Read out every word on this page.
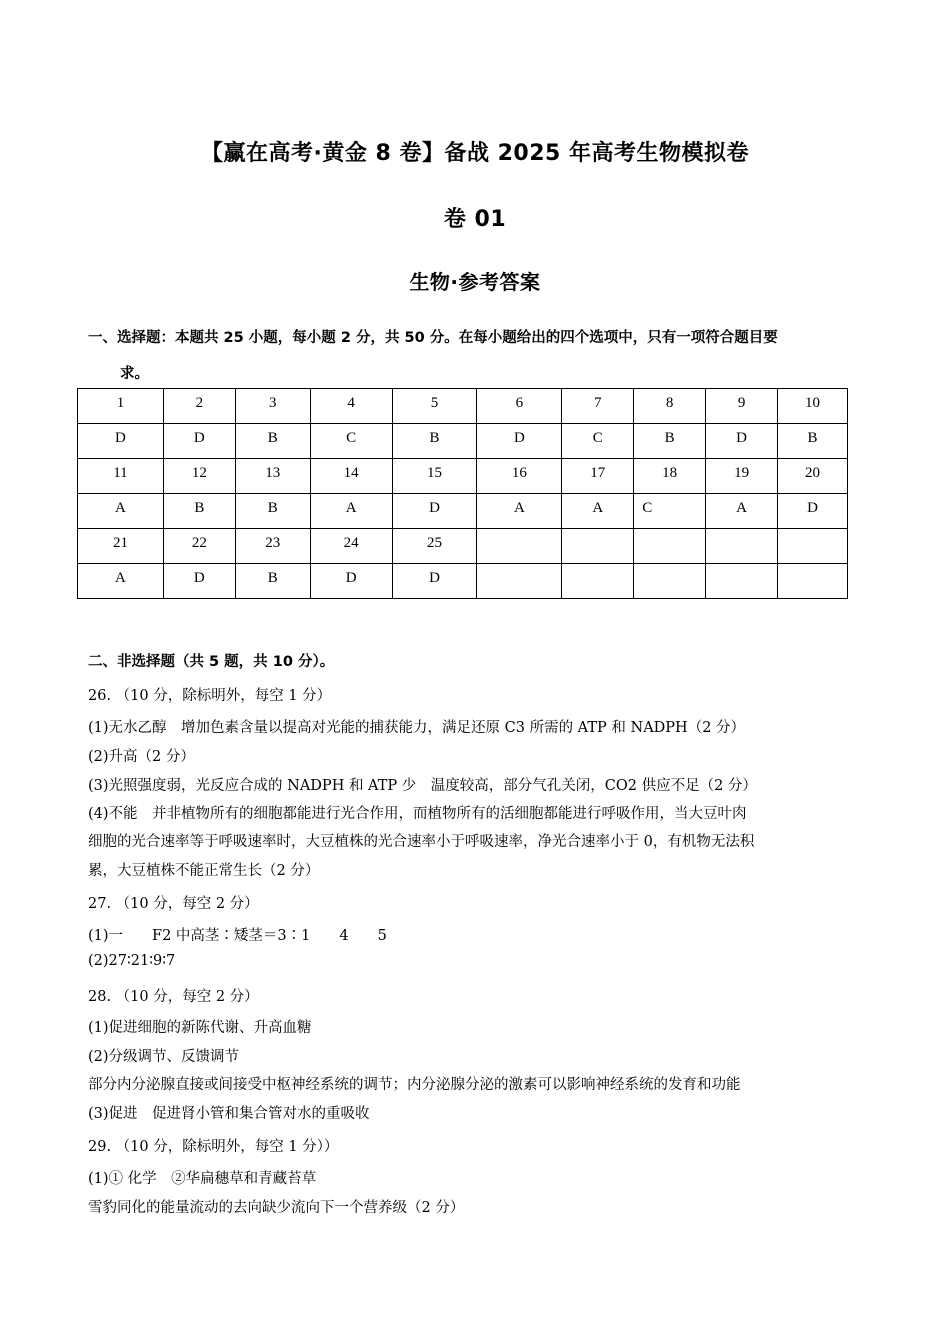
【赢在高考·黄金 8 卷】备战 2025 年高考生物模拟卷
卷 01
生物·参考答案
一、选择题：本题共 25 小题，每小题 2 分，共 50 分。在每小题给出的四个选项中，只有一项符合题目要
求。
1	2	3	4	5	6	7	8	9	10
D	D	B	C	B	D	C	B	D	B
11	12	13	14	15	16	17	18	19	20
A	B	B	A	D	A	A	C	A	D
21	22	23	24	25					
A	D	B	D	D					
二、非选择题（共 5 题，共 10 分）。
26. （10 分，除标明外，每空 1 分）
(1)无水乙醇　增加色素含量以提高对光能的捕获能力，满足还原 C3 所需的 ATP 和 NADPH（2 分）
(2)升高（2 分）
(3)光照强度弱，光反应合成的 NADPH 和 ATP 少　温度较高，部分气孔关闭，CO2 供应不足（2 分）
(4)不能　并非植物所有的细胞都能进行光合作用，而植物所有的活细胞都能进行呼吸作用，当大豆叶肉
细胞的光合速率等于呼吸速率时，大豆植株的光合速率小于呼吸速率，净光合速率小于 0，有机物无法积
累，大豆植株不能正常生长（2 分）
27. （10 分，每空 2 分）
(1)一　　F2 中高茎∶矮茎＝3∶1　　4　　5
(2)27∶21∶9∶7
28. （10 分，每空 2 分）
(1)促进细胞的新陈代谢、升高血糖
(2)分级调节、反馈调节
部分内分泌腺直接或间接受中枢神经系统的调节；内分泌腺分泌的激素可以影响神经系统的发育和功能
(3)促进　促进肾小管和集合管对水的重吸收
29. （10 分，除标明外，每空 1 分））
(1)① 化学　②华扁穗草和青藏苔草
雪豹同化的能量流动的去向缺少流向下一个营养级（2 分）
